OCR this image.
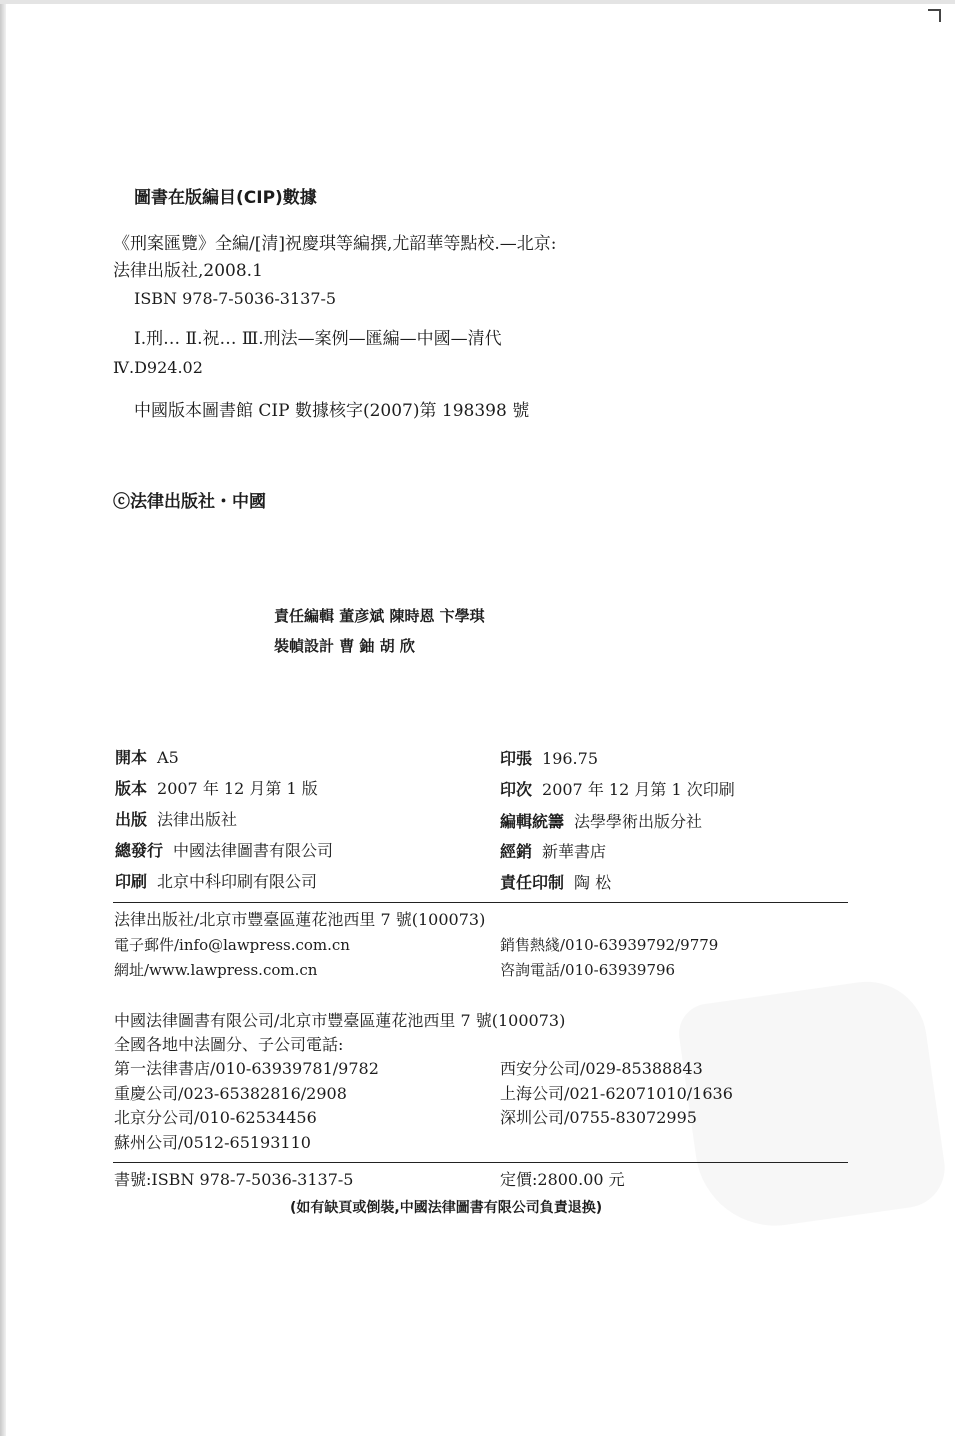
圖書在版編目(CIP)數據
《刑案匯覽》全編/[清]祝慶琪等編撰,尤韶華等點校.—北京:
法律出版社,2008.1
ISBN 978-7-5036-3137-5
Ⅰ.刑… Ⅱ.祝… Ⅲ.刑法—案例—匯編—中國—清代
Ⅳ.D924.02
中國版本圖書館 CIP 數據核字(2007)第 198398 號
ⓒ法律出版社・中國
責任編輯 董彦斌 陳時恩 卞學琪
裝幀設計 曹 鈾 胡 欣
開本 A5
版本 2007 年 12 月第 1 版
出版 法律出版社
總發行 中國法律圖書有限公司
印刷 北京中科印刷有限公司
印張 196.75
印次 2007 年 12 月第 1 次印刷
編輯統籌 法學學術出版分社
經銷 新華書店
責任印制 陶 松
法律出版社/北京市豐臺區蓮花池西里 7 號(100073)
電子郵件/info@lawpress.com.cn
網址/www.lawpress.com.cn
銷售熱綫/010-63939792/9779
咨詢電話/010-63939796
中國法律圖書有限公司/北京市豐臺區蓮花池西里 7 號(100073)
全國各地中法圖分、子公司電話:
第一法律書店/010-63939781/9782
重慶公司/023-65382816/2908
北京分公司/010-62534456
蘇州公司/0512-65193110
西安分公司/029-85388843
上海公司/021-62071010/1636
深圳公司/0755-83072995
書號:ISBN 978-7-5036-3137-5	定價:2800.00 元
(如有缺頁或倒裝,中國法律圖書有限公司負責退换)
